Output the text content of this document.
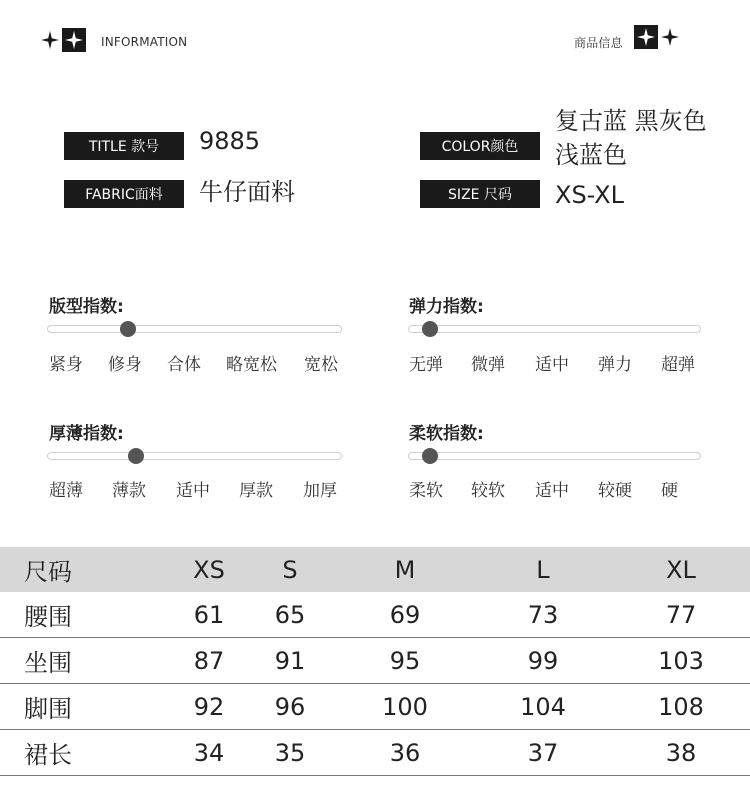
INFORMATION	商品信息
TITLE 款号	9885
FABRIC面料	牛仔面料
COLOR颜色
复古蓝 黑灰色
浅蓝色
SIZE 尺码	XS-XL
版型指数:
紧身 修身 合体 略宽松 宽松
弹力指数:
无弹 微弹 适中 弹力 超弹
厚薄指数:
超薄 薄款 适中 厚款 加厚
柔软指数:
柔软 较软 适中 较硬 硬
尺码	XS	S	M	L	XL
腰围	61	65	69	73	77
坐围	87	91	95	99	103
脚围	92	96	100	104	108
裙长	34	35	36	37	38
